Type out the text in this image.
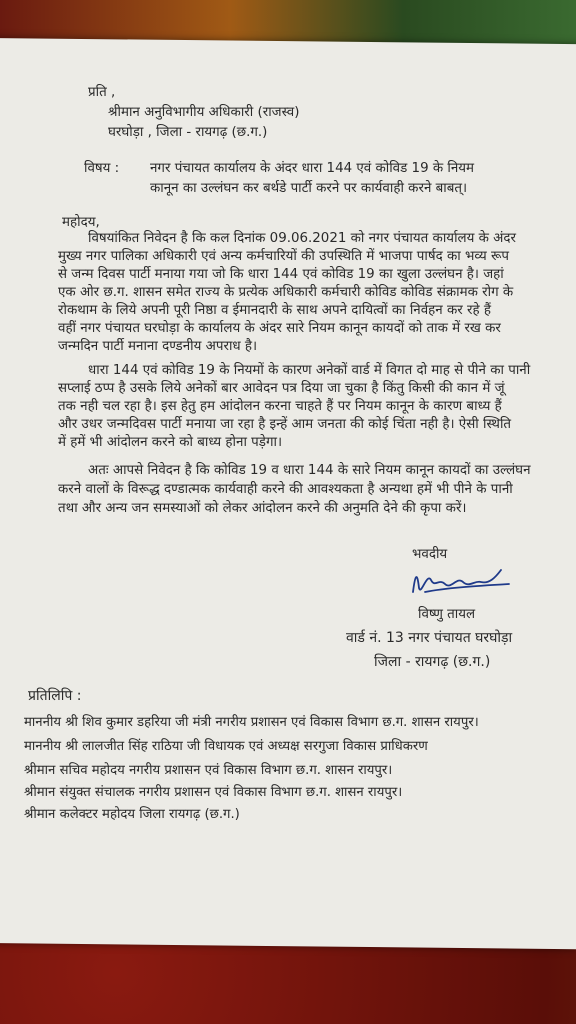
प्रति ,
श्रीमान अनुविभागीय अधिकारी (राजस्व)
घरघोड़ा , जिला - रायगढ़ (छ.ग.)
विषय : नगर पंचायत कार्यालय के अंदर धारा 144 एवं कोविड 19 के नियम
कानून का उल्लंघन कर बर्थडे पार्टी करने पर कार्यवाही करने बाबत्।
महोदय,
विषयांकित निवेदन है कि कल दिनांक 09.06.2021 को नगर पंचायत कार्यालय के अंदर
मुख्य नगर पालिका अधिकारी एवं अन्य कर्मचारियों की उपस्थिति में भाजपा पार्षद का भव्य रूप
से जन्म दिवस पार्टी मनाया गया जो कि धारा 144 एवं कोविड 19 का खुला उल्लंघन है। जहां
एक ओर छ.ग. शासन समेत राज्य के प्रत्येक अधिकारी कर्मचारी कोविड कोविड संक्रामक रोग के
रोकथाम के लिये अपनी पूरी निष्ठा व ईमानदारी के साथ अपने दायित्वों का निर्वहन कर रहे हैं
वहीं नगर पंचायत घरघोड़ा के कार्यालय के अंदर सारे नियम कानून कायदों को ताक में रख कर
जन्मदिन पार्टी मनाना दण्डनीय अपराध है।
धारा 144 एवं कोविड 19 के नियमों के कारण अनेकों वार्ड में विगत दो माह से पीने का पानी
सप्लाई ठप्प है उसके लिये अनेकों बार आवेदन पत्र दिया जा चुका है किंतु किसी की कान में जूं
तक नही चल रहा है। इस हेतु हम आंदोलन करना चाहते हैं पर नियम कानून के कारण बाध्य हैं
और उधर जन्मदिवस पार्टी मनाया जा रहा है इन्हें आम जनता की कोई चिंता नही है। ऐसी स्थिति
में हमें भी आंदोलन करने को बाध्य होना पड़ेगा।
अतः आपसे निवेदन है कि कोविड 19 व धारा 144 के सारे नियम कानून कायदों का उल्लंघन
करने वालों के विरूद्ध दण्डात्मक कार्यवाही करने की आवश्यकता है अन्यथा हमें भी पीने के पानी
तथा और अन्य जन समस्याओं को लेकर आंदोलन करने की अनुमति देने की कृपा करें।
भवदीय
विष्णु तायल
वार्ड नं. 13 नगर पंचायत घरघोड़ा
जिला - रायगढ़ (छ.ग.)
प्रतिलिपि :
माननीय श्री शिव कुमार डहरिया जी मंत्री नगरीय प्रशासन एवं विकास विभाग छ.ग. शासन रायपुर।
माननीय श्री लालजीत सिंह राठिया जी विधायक एवं अध्यक्ष सरगुजा विकास प्राधिकरण
श्रीमान सचिव महोदय नगरीय प्रशासन एवं विकास विभाग छ.ग. शासन रायपुर।
श्रीमान संयुक्त संचालक नगरीय प्रशासन एवं विकास विभाग छ.ग. शासन रायपुर।
श्रीमान कलेक्टर महोदय जिला रायगढ़ (छ.ग.)
